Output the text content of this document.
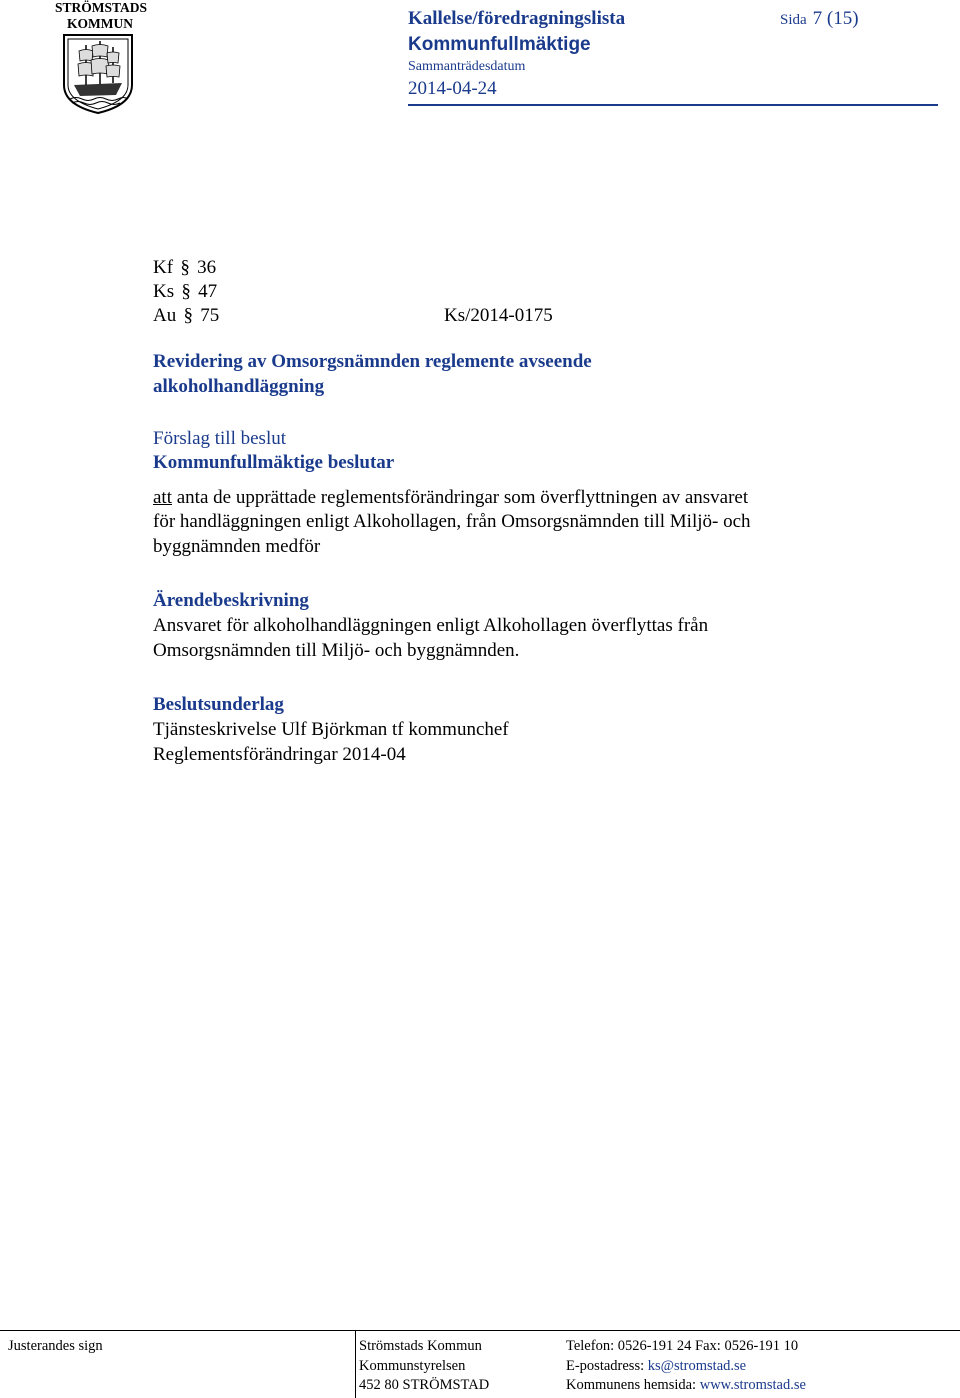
STRÖMSTADS
KOMMUN	Kallelse/föredragningslista
Kommunfullmäktige
Sammanträdesdatum
2014-04-24
Sida 7 (15)
Kf § 36
Ks § 47
Au § 75	Ks/2014-0175
Revidering av Omsorgsnämnden reglemente avseende
alkoholhandläggning
Förslag till beslut
Kommunfullmäktige beslutar
att anta de upprättade reglementsförändringar som överflyttningen av ansvaret
för handläggningen enligt Alkohollagen, från Omsorgsnämnden till Miljö- och
byggnämnden medför
Ärendebeskrivning
Ansvaret för alkoholhandläggningen enligt Alkohollagen överflyttas från
Omsorgsnämnden till Miljö- och byggnämnden.
Beslutsunderlag
Tjänsteskrivelse Ulf Björkman tf kommunchef
Reglementsförändringar 2014-04
Justerandes sign	Strömstads Kommun
Kommunstyrelsen
452 80 STRÖMSTAD
Telefon: 0526-191 24 Fax: 0526-191 10
E-postadress: ks@stromstad.se
Kommunens hemsida: www.stromstad.se
